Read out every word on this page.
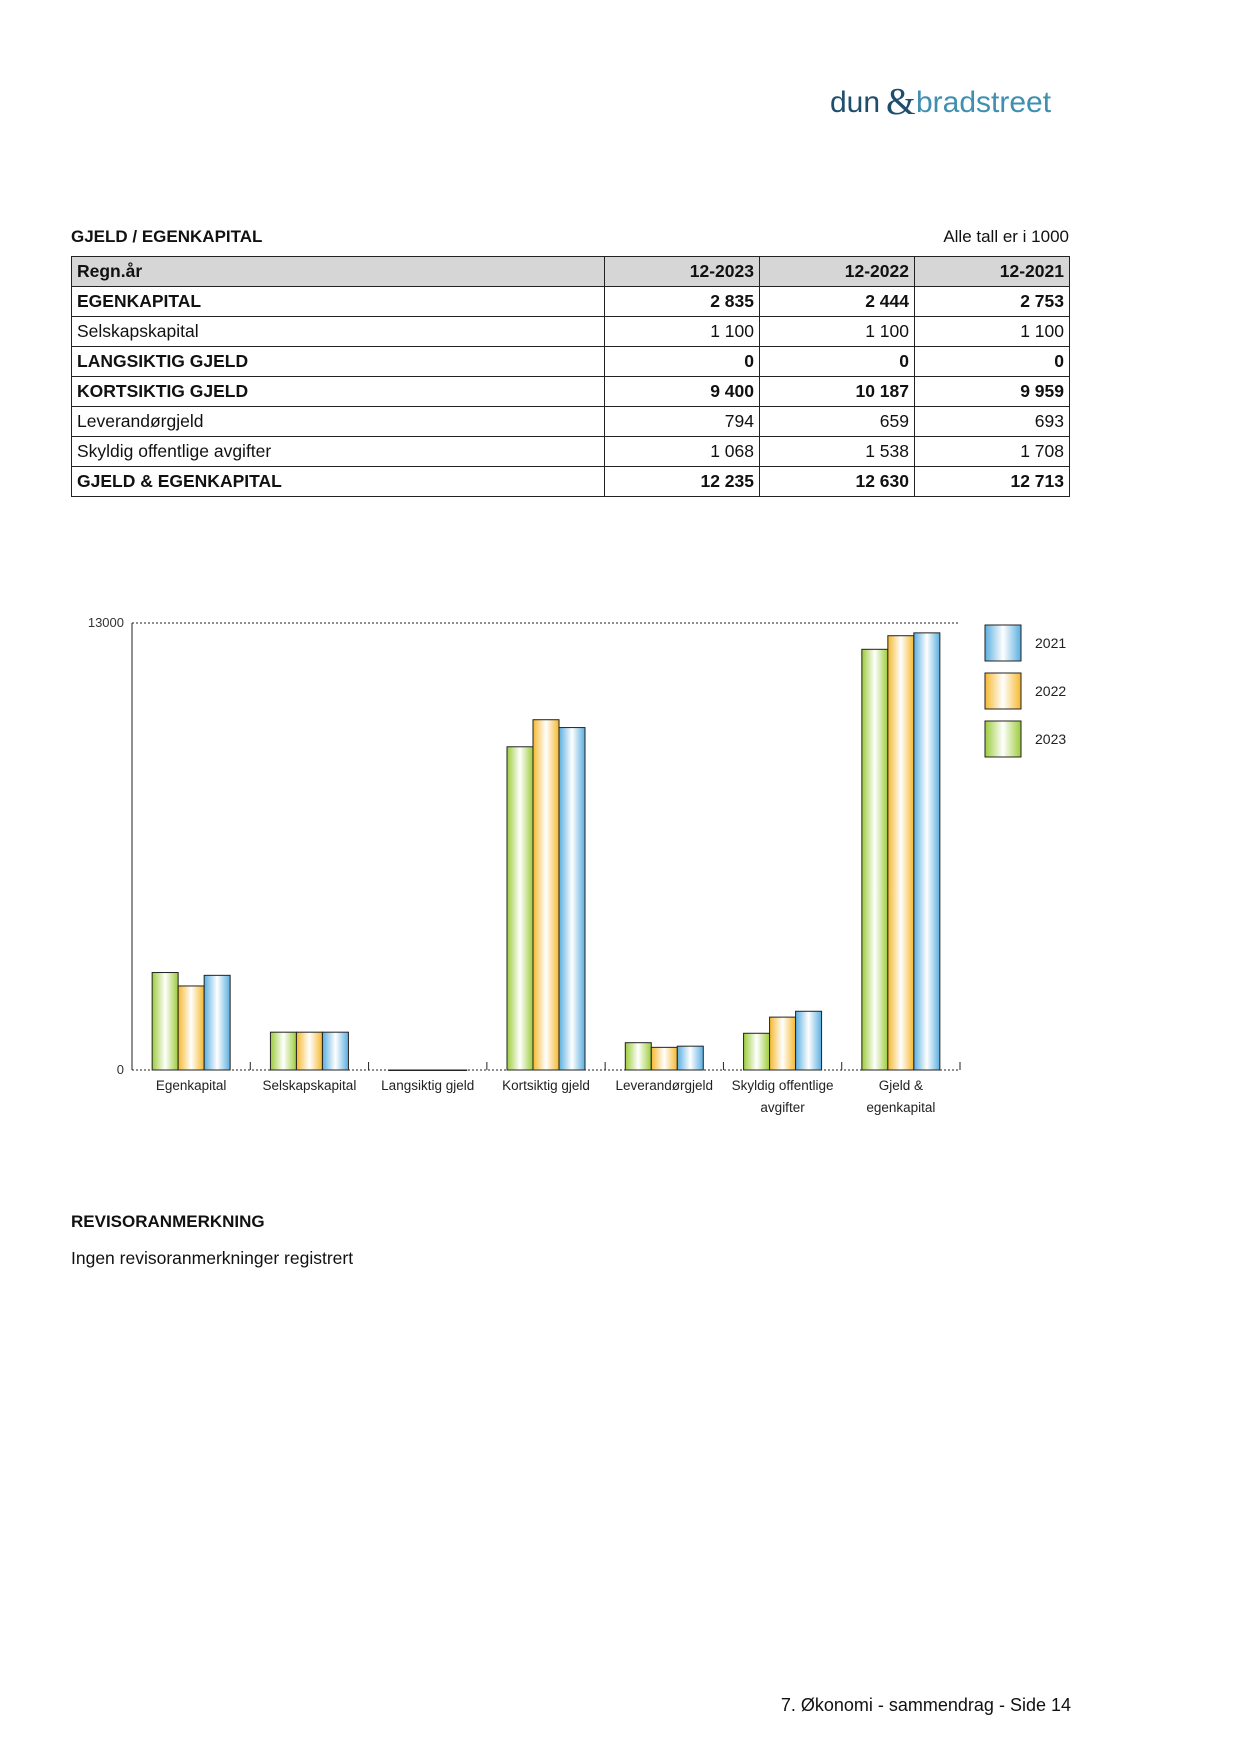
dun & bradstreet
GJELD / EGENKAPITAL	Alle tall er i 1000
Regn.år	12-2023	12-2022	12-2021
EGENKAPITAL	2 835	2 444	2 753
Selskapskapital	1 100	1 100	1 100
LANGSIKTIG GJELD	0	0	0
KORTSIKTIG GJELD	9 400	10 187	9 959
Leverandørgjeld	794	659	693
Skyldig offentlige avgifter	1 068	1 538	1 708
GJELD & EGENKAPITAL	12 235	12 630	12 713
0
13000
Egenkapital	Selskapskapital Langsiktig gjeld Kortsiktig gjeld Leverandørgjeld Skyldig offentlige
avgifter
Gjeld &
egenkapital
2021
2022
2023
REVISORANMERKNING
Ingen revisoranmerkninger registrert
7. Økonomi - sammendrag - Side 14
